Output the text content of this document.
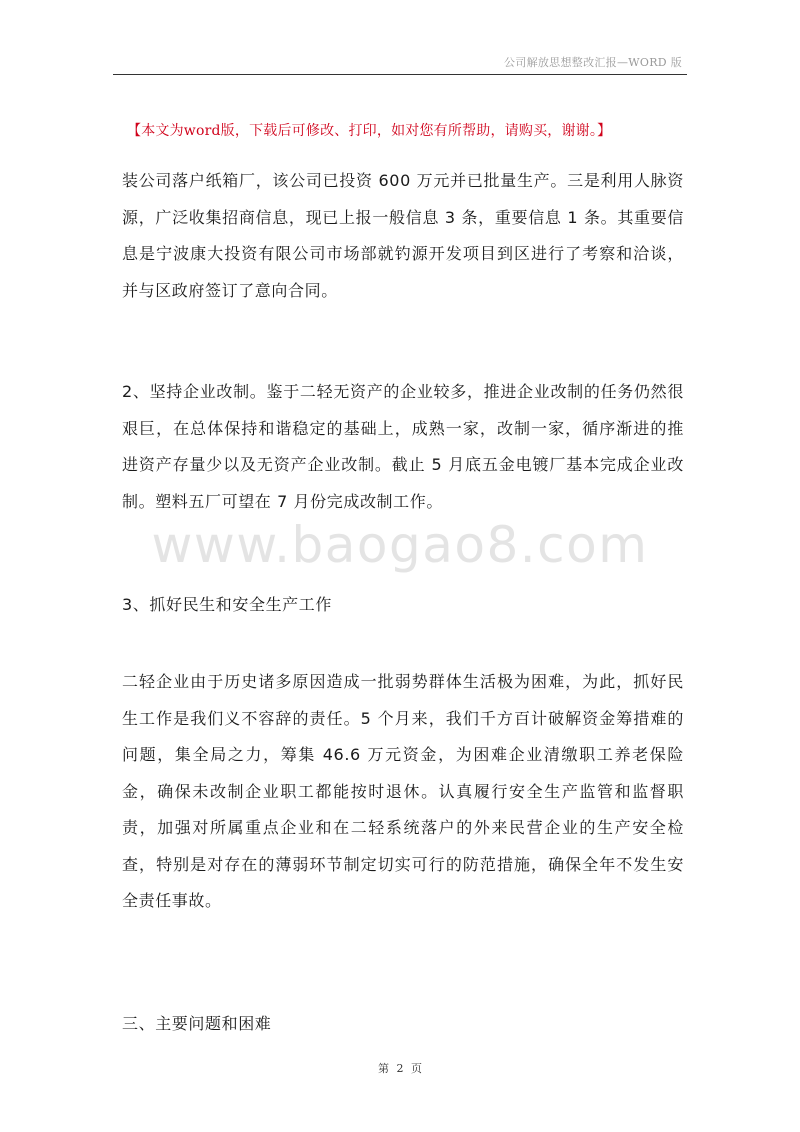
公司解放思想整改汇报—WORD 版
【本文为word版，下载后可修改、打印，如对您有所帮助，请购买，谢谢。】
装公司落户纸箱厂，该公司已投资 600 万元并已批量生产。三是利用人脉资源，广泛收集招商信息，现已上报一般信息 3 条，重要信息 1 条。其重要信息是宁波康大投资有限公司市场部就钓源开发项目到区进行了考察和洽谈，并与区政府签订了意向合同。
2、坚持企业改制。鉴于二轻无资产的企业较多，推进企业改制的任务仍然很艰巨，在总体保持和谐稳定的基础上，成熟一家，改制一家，循序渐进的推进资产存量少以及无资产企业改制。截止 5 月底五金电镀厂基本完成企业改制。塑料五厂可望在 7 月份完成改制工作。
www.baogao8.com
3、抓好民生和安全生产工作
二轻企业由于历史诸多原因造成一批弱势群体生活极为困难，为此，抓好民生工作是我们义不容辞的责任。5 个月来，我们千方百计破解资金筹措难的问题，集全局之力，筹集 46.6 万元资金，为困难企业清缴职工养老保险金，确保未改制企业职工都能按时退休。认真履行安全生产监管和监督职责，加强对所属重点企业和在二轻系统落户的外来民营企业的生产安全检查，特别是对存在的薄弱环节制定切实可行的防范措施，确保全年不发生安全责任事故。
三、主要问题和困难
第 2 页
